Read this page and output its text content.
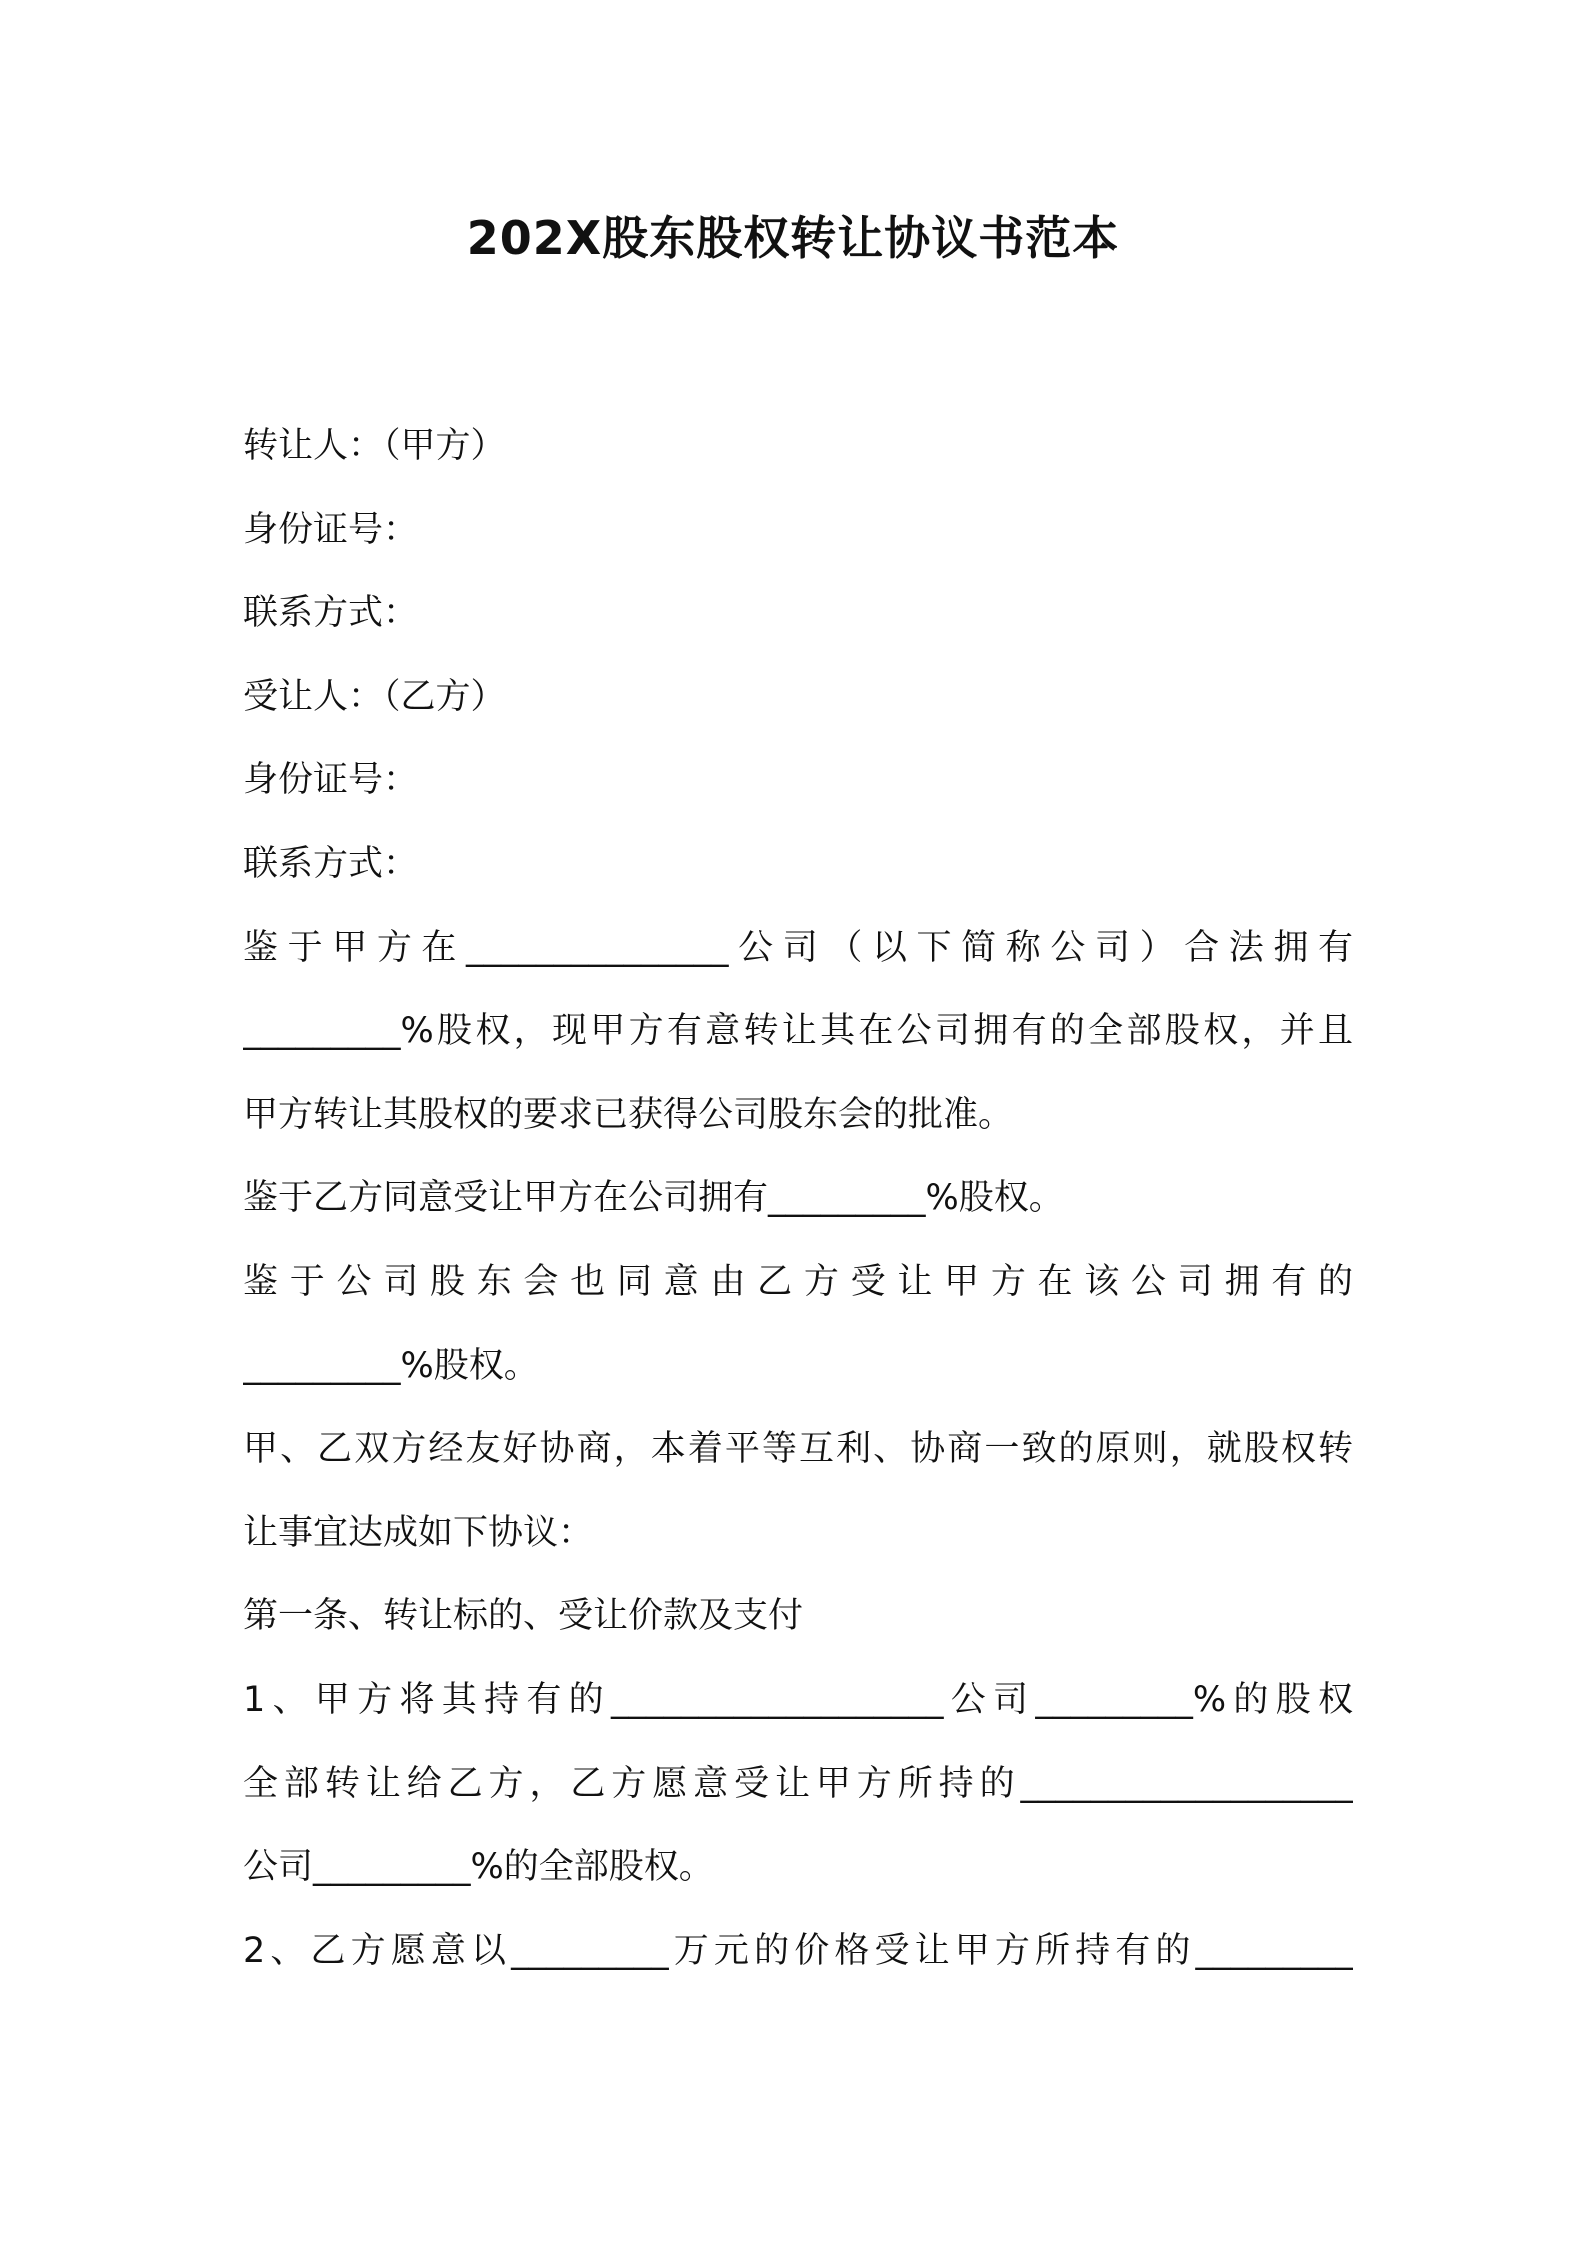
202X股东股权转让协议书范本
转让人：（甲方）
身份证号：
联系方式：
受让人：（乙方）
身份证号：
联系方式：
鉴于甲方在_______________公司（以下简称公司）合法拥有
_________%股权，现甲方有意转让其在公司拥有的全部股权，并且
甲方转让其股权的要求已获得公司股东会的批准。
鉴于乙方同意受让甲方在公司拥有_________%股权。
鉴于公司股东会也同意由乙方受让甲方在该公司拥有的
_________%股权。
甲、乙双方经友好协商，本着平等互利、协商一致的原则，就股权转
让事宜达成如下协议：
第一条、转让标的、受让价款及支付
1、甲方将其持有的___________________公司_________%的股权
全部转让给乙方，乙方愿意受让甲方所持的___________________
公司_________%的全部股权。
2、乙方愿意以_________万元的价格受让甲方所持有的_________
